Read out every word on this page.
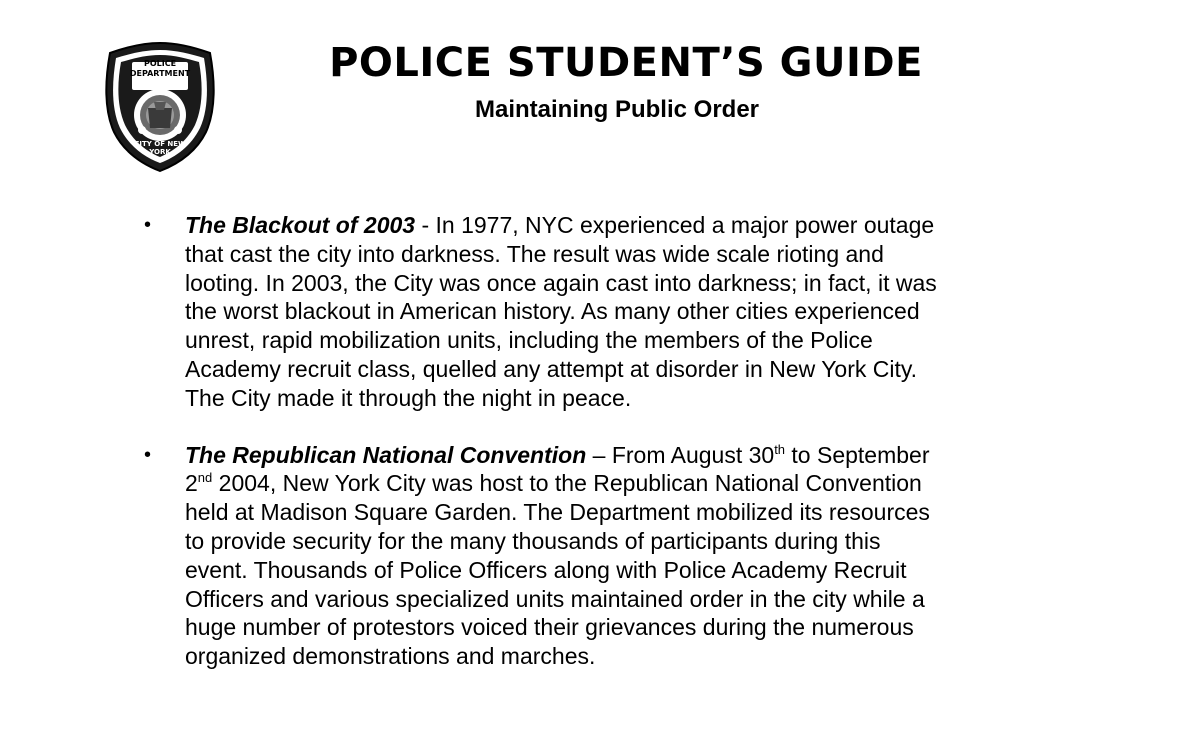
POLICE DEPARTMENT
CITY OF NEW YORK
POLICE STUDENT’S GUIDE
Maintaining Public Order
• The Blackout of 2003 - In 1977, NYC experienced a major power outage
that cast the city into darkness. The result was wide scale rioting and
looting. In 2003, the City was once again cast into darkness; in fact, it was
the worst blackout in American history. As many other cities experienced
unrest, rapid mobilization units, including the members of the Police
Academy recruit class, quelled any attempt at disorder in New York City.
The City made it through the night in peace.
• The Republican National Convention – From August 30th to September
2nd 2004, New York City was host to the Republican National Convention
held at Madison Square Garden. The Department mobilized its resources
to provide security for the many thousands of participants during this
event. Thousands of Police Officers along with Police Academy Recruit
Officers and various specialized units maintained order in the city while a
huge number of protestors voiced their grievances during the numerous
organized demonstrations and marches.
